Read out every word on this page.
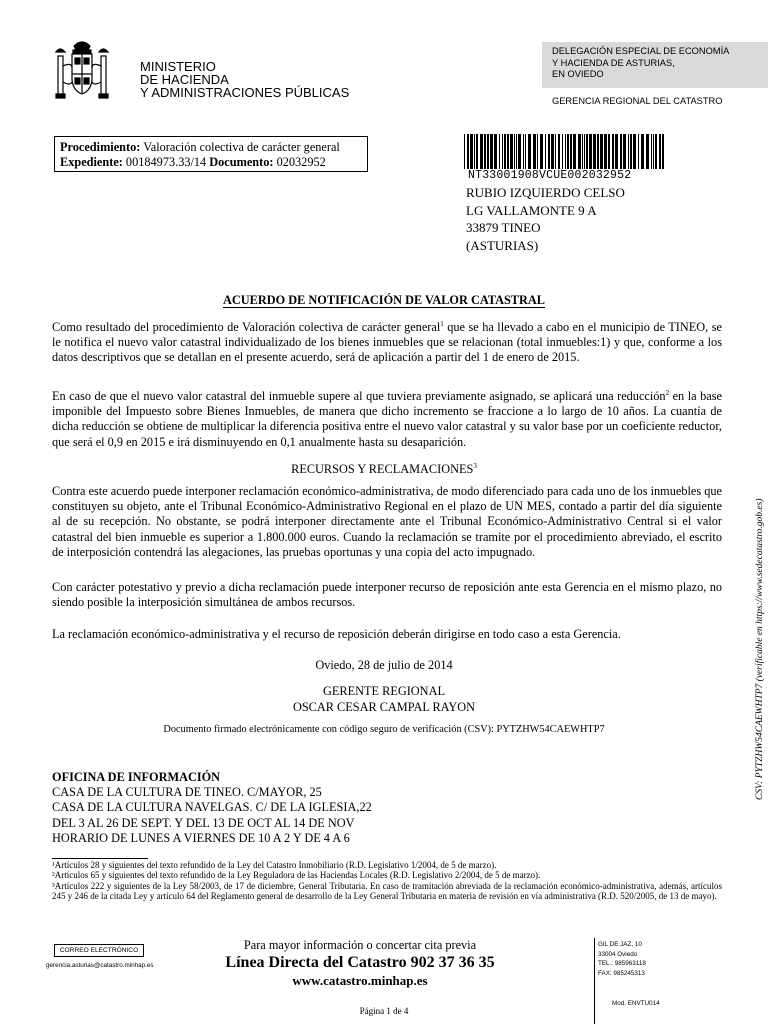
MINISTERIO
DE HACIENDA
Y ADMINISTRACIONES PÚBLICAS
DELEGACIÓN ESPECIAL DE ECONOMÍA
Y HACIENDA DE ASTURIAS,
EN OVIEDO
GERENCIA REGIONAL DEL CATASTRO
Procedimiento: Valoración colectiva de carácter general
Expediente: 00184973.33/14 Documento: 02032952
NT33001908VCUE002032952
RUBIO IZQUIERDO CELSO
LG VALLAMONTE 9 A
33879 TINEO
(ASTURIAS)
ACUERDO DE NOTIFICACIÓN DE VALOR CATASTRAL
Como resultado del procedimiento de Valoración colectiva de carácter general$^1$ que se ha llevado a cabo en el municipio de TINEO, se le notifica el nuevo valor catastral individualizado de los bienes inmuebles que se relacionan (total inmuebles:1) y que, conforme a los datos descriptivos que se detallan en el presente acuerdo, será de aplicación a partir del 1 de enero de 2015.
En caso de que el nuevo valor catastral del inmueble supere al que tuviera previamente asignado, se aplicará una reducción$^2$ en la base imponible del Impuesto sobre Bienes Inmuebles, de manera que dicho incremento se fraccione a lo largo de 10 años. La cuantía de dicha reducción se obtiene de multiplicar la diferencia positiva entre el nuevo valor catastral y su valor base por un coeficiente reductor, que será el 0,9 en 2015 e irá disminuyendo en 0,1 anualmente hasta su desaparición.
RECURSOS Y RECLAMACIONES$^3$
Contra este acuerdo puede interponer reclamación económico-administrativa, de modo diferenciado para cada uno de los inmuebles que constituyen su objeto, ante el Tribunal Económico-Administrativo Regional en el plazo de UN MES, contado a partir del día siguiente al de su recepción. No obstante, se podrá interponer directamente ante el Tribunal Económico-Administrativo Central si el valor catastral del bien inmueble es superior a 1.800.000 euros. Cuando la reclamación se tramite por el procedimiento abreviado, el escrito de interposición contendrá las alegaciones, las pruebas oportunas y una copia del acto impugnado.
Con carácter potestativo y previo a dicha reclamación puede interponer recurso de reposición ante esta Gerencia en el mismo plazo, no siendo posible la interposición simultánea de ambos recursos.
La reclamación económico-administrativa y el recurso de reposición deberán dirigirse en todo caso a esta Gerencia.
Oviedo, 28 de julio de 2014
GERENTE REGIONAL
OSCAR CESAR CAMPAL RAYON
Documento firmado electrónicamente con código seguro de verificación (CSV): PYTZHW54CAEWHTP7
OFICINA DE INFORMACIÓN
CASA DE LA CULTURA DE TINEO. C/MAYOR, 25
CASA DE LA CULTURA NAVELGAS. C/ DE LA IGLESIA,22
DEL 3 AL 26 DE SEPT. Y DEL 13 DE OCT AL 14 DE NOV
HORARIO DE LUNES A VIERNES DE 10 A 2 Y DE 4 A 6
¹Artículos 28 y siguientes del texto refundido de la Ley del Catastro Inmobiliario (R.D. Legislativo 1/2004, de 5 de marzo).
²Artículos 65 y siguientes del texto refundido de la Ley Reguladora de las Haciendas Locales (R.D. Legislativo 2/2004, de 5 de marzo).
³Artículos 222 y siguientes de la Ley 58/2003, de 17 de diciembre, General Tributaria. En caso de tramitación abreviada de la reclamación económico-administrativa, además, artículos 245 y 246 de la citada Ley y artículo 64 del Reglamento general de desarrollo de la Ley General Tributaria en materia de revisión en vía administrativa (R.D. 520/2005, de 13 de mayo).
CORREO ELECTRÓNICO
gerencia.asturias@catastro.minhap.es
Para mayor información o concertar cita previa
Línea Directa del Catastro 902 37 36 35
www.catastro.minhap.es
GIL DE JAZ, 10
33004 Oviedo
TEL.: 985963118
FAX: 985245313
Mod. ENVTU014
Página 1 de 4
CSV: PYTZHW54CAEWHTP7 (verificable en https://www.sedecatastro.gob.es)
